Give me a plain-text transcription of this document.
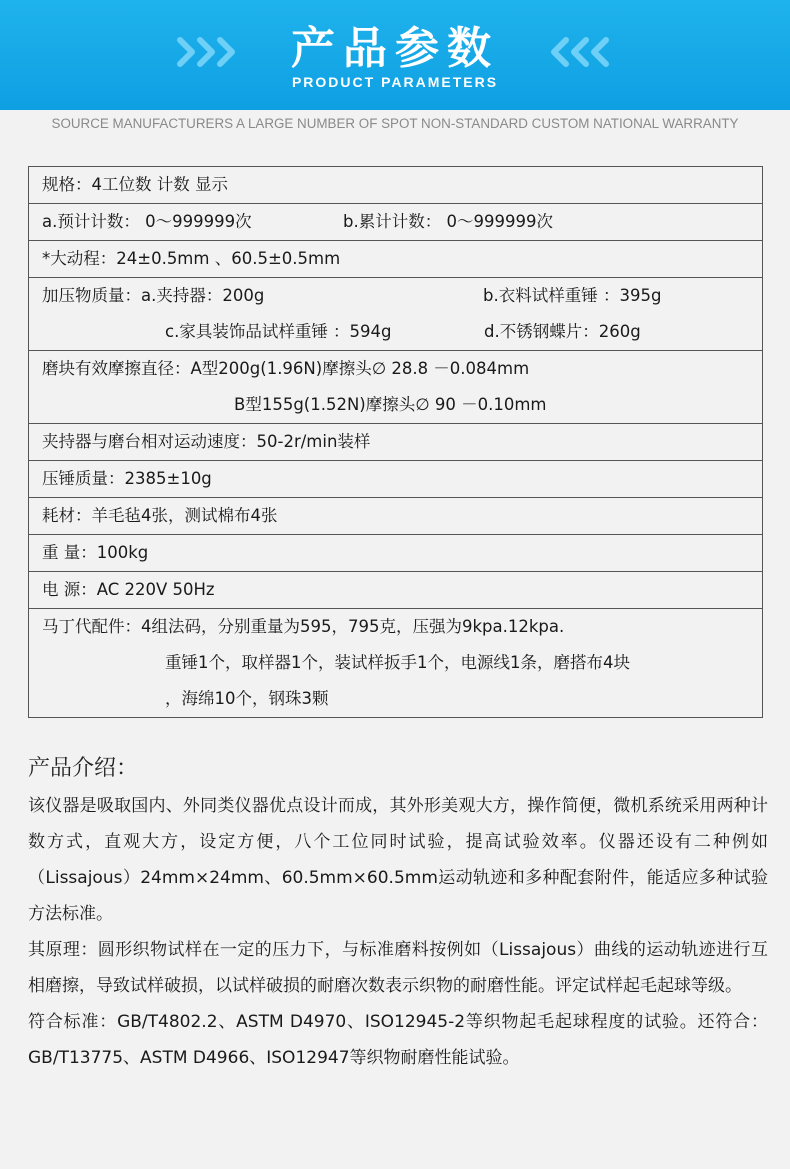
产品参数
PRODUCT PARAMETERS
SOURCE MANUFACTURERS A LARGE NUMBER OF SPOT NON-STANDARD CUSTOM NATIONAL WARRANTY
规格：4工位数 计数 显示
a.预计计数： 0～999999次	b.累计计数： 0～999999次
*大动程：24±0.5mm 、60.5±0.5mm
加压物质量：a.夹持器：200g	b.衣料试样重锤 ：395g
c.家具装饰品试样重锤 ：594g	d.不锈钢蝶片：260g
磨块有效摩擦直径：A型200g(1.96N)摩擦头∅ 28.8 －0.084mm
B型155g(1.52N)摩擦头∅ 90 －0.10mm
夹持器与磨台相对运动速度：50-2r/min装样
压锤质量：2385±10g
耗材：羊毛毡4张，测试棉布4张
重 量：100kg
电 源：AC 220V 50Hz
马丁代配件：4组法码，分别重量为595，795克，压强为9kpa.12kpa.
重锤1个，取样器1个，装试样扳手1个，电源线1条，磨搭布4块
，海绵10个，钢珠3颗
产品介绍：

该仪器是吸取国内、外同类仪器优点设计而成，其外形美观大方，操作简便，微机系统采用两种计数方式，直观大方，设定方便，八个工位同时试验，提高试验效率。仪器还设有二种例如（Lissajous）24mm×24mm、60.5mm×60.5mm运动轨迹和多种配套附件，能适应多种试验方法标准。

其原理：圆形织物试样在一定的压力下，与标准磨料按例如（Lissajous）曲线的运动轨迹进行互相磨擦，导致试样破损，以试样破损的耐磨次数表示织物的耐磨性能。评定试样起毛起球等级。

符合标准：GB/T4802.2、ASTM D4970、ISO12945-2等织物起毛起球程度的试验。还符合：GB/T13775、ASTM D4966、ISO12947等织物耐磨性能试验。
